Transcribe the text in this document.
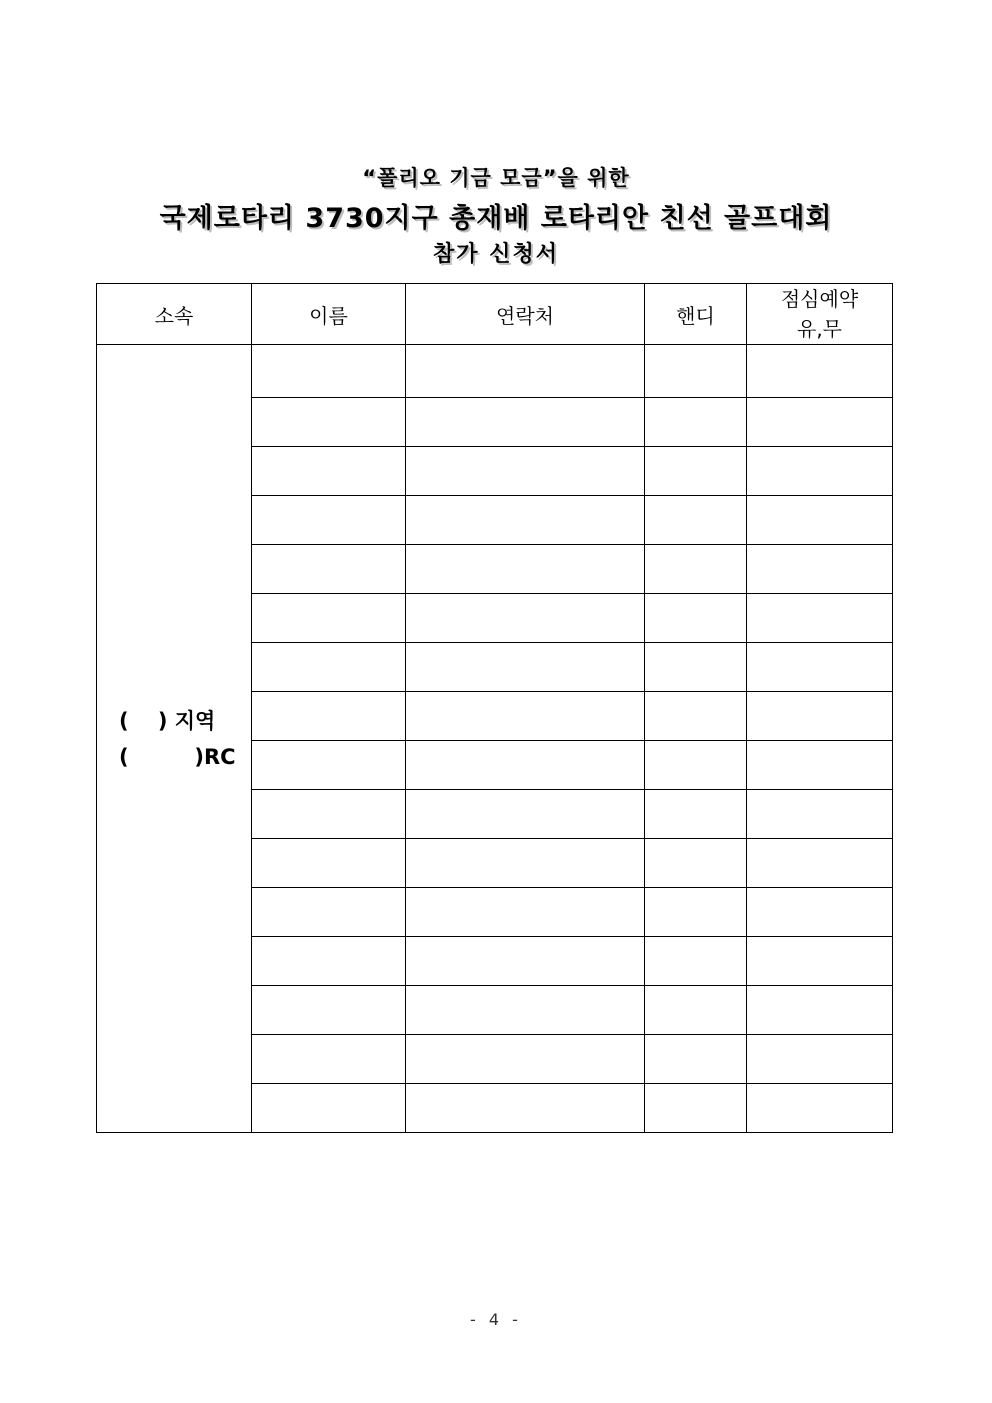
“폴리오 기금 모금”을 위한
국제로타리 3730지구 총재배 로타리안 친선 골프대회
참가 신청서
소속	이름	연락처	핸디	점심예약
유,무

(    ) 지역
(         )RC				

- 4 -
